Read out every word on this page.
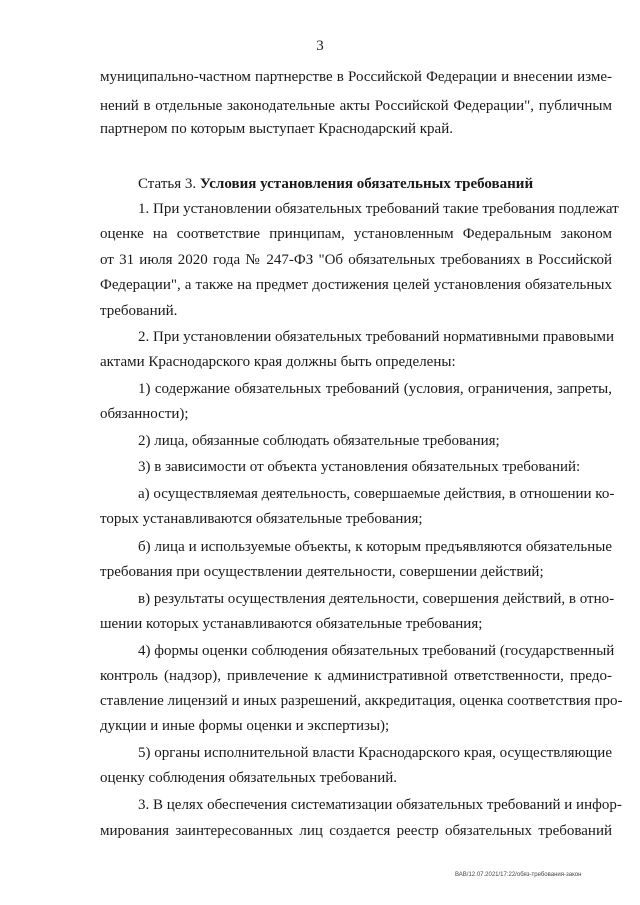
3
муниципально-частном партнерстве в Российской Федерации и внесении изме-
нений в отдельные законодательные акты Российской Федерации", публичным
партнером по которым выступает Краснодарский край.
Статья 3. Условия установления обязательных требований
1. При установлении обязательных требований такие требования подлежат
оценке на соответствие принципам, установленным Федеральным законом
от 31 июля 2020 года № 247-ФЗ "Об обязательных требованиях в Российской
Федерации", а также на предмет достижения целей установления обязательных
требований.
2. При установлении обязательных требований нормативными правовыми
актами Краснодарского края должны быть определены:
1) содержание обязательных требований (условия, ограничения, запреты,
обязанности);
2) лица, обязанные соблюдать обязательные требования;
3) в зависимости от объекта установления обязательных требований:
а) осуществляемая деятельность, совершаемые действия, в отношении ко-
торых устанавливаются обязательные требования;
б) лица и используемые объекты, к которым предъявляются обязательные
требования при осуществлении деятельности, совершении действий;
в) результаты осуществления деятельности, совершения действий, в отно-
шении которых устанавливаются обязательные требования;
4) формы оценки соблюдения обязательных требований (государственный
контроль (надзор), привлечение к административной ответственности, предо-
ставление лицензий и иных разрешений, аккредитация, оценка соответствия про-
дукции и иные формы оценки и экспертизы);
5) органы исполнительной власти Краснодарского края, осуществляющие
оценку соблюдения обязательных требований.
3. В целях обеспечения систематизации обязательных требований и инфор-
мирования заинтересованных лиц создается реестр обязательных требований
ВАВ/12.07.2021/17:22/обяз-требования-закон
